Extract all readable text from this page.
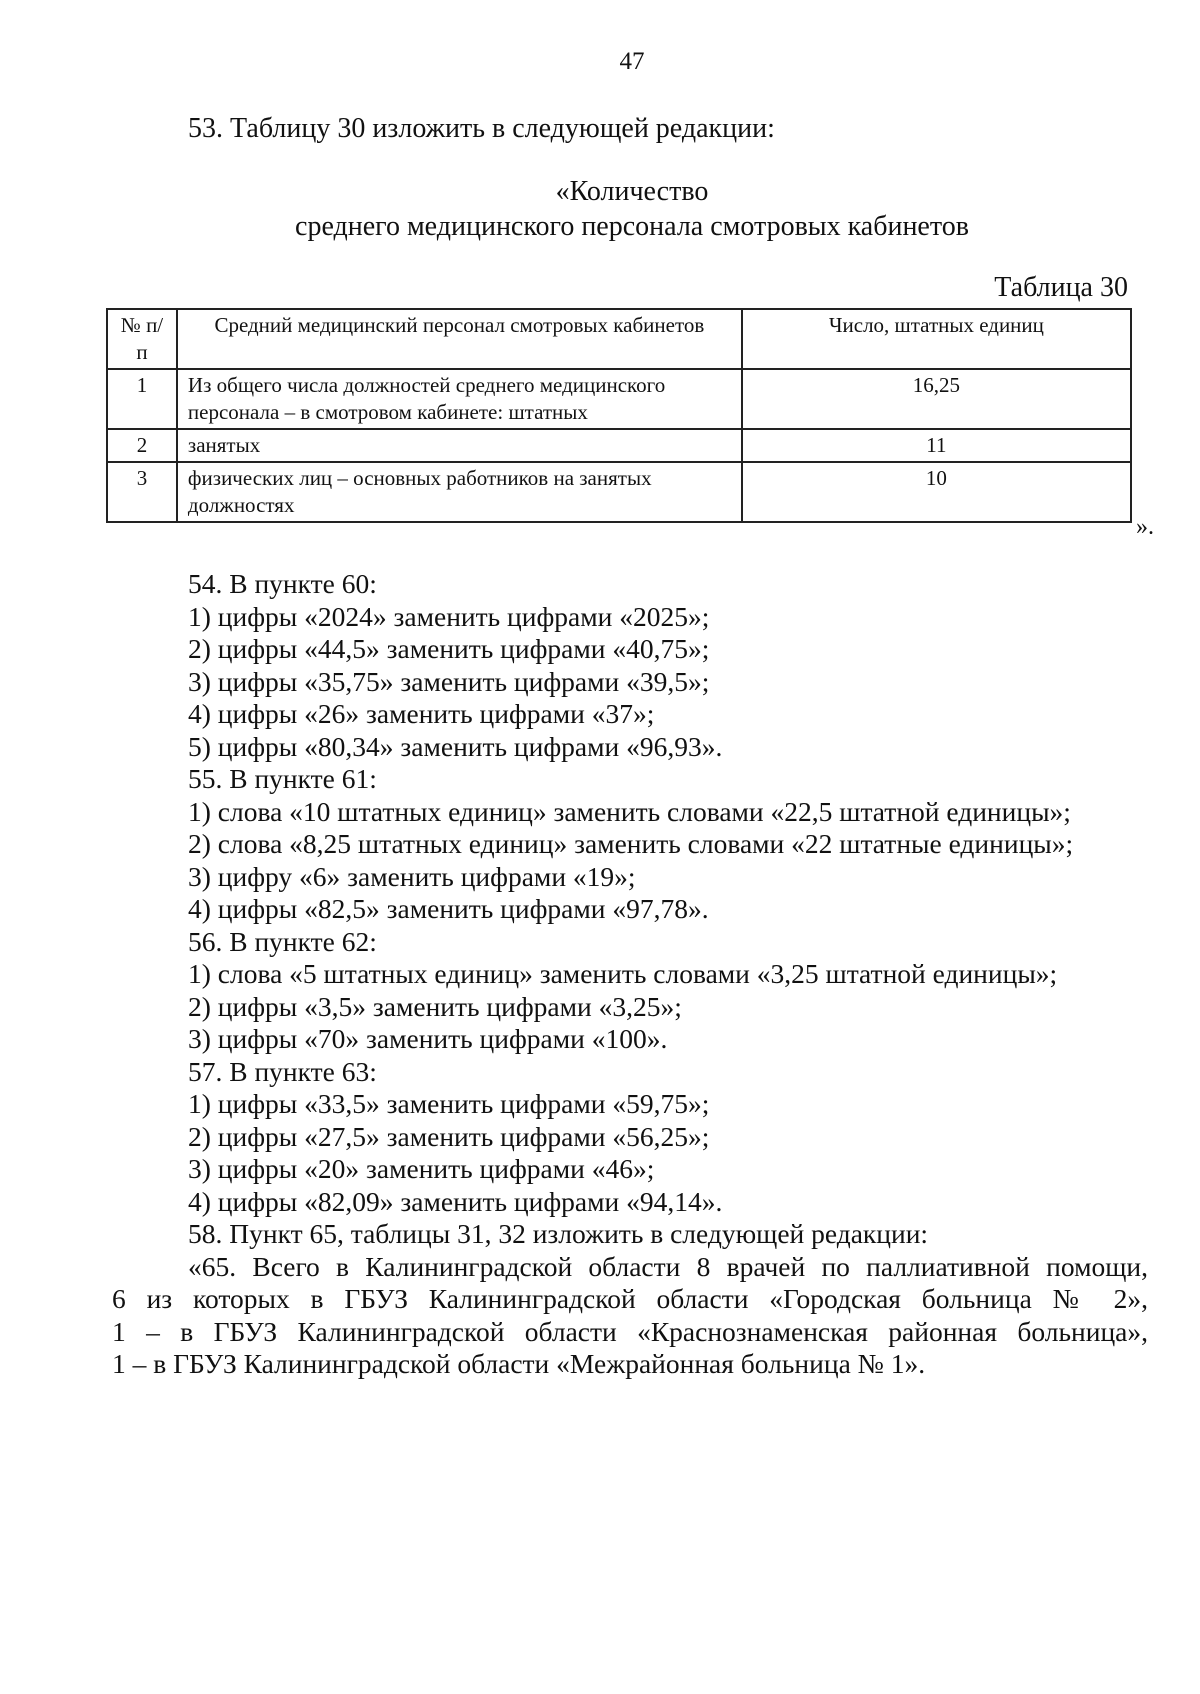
47
53. Таблицу 30 изложить в следующей редакции:
«Количество
среднего медицинского персонала смотровых кабинетов
Таблица 30
№ п/п	Средний медицинский персонал смотровых кабинетов	Число, штатных единиц
1	Из общего числа должностей среднего медицинского персонала – в смотровом кабинете: штатных	16,25
2	занятых	11
3	физических лиц – основных работников на занятых должностях	10
».
54. В пункте 60:
1) цифры «2024» заменить цифрами «2025»;
2) цифры «44,5» заменить цифрами «40,75»;
3) цифры «35,75» заменить цифрами «39,5»;
4) цифры «26» заменить цифрами «37»;
5) цифры «80,34» заменить цифрами «96,93».
55. В пункте 61:
1) слова «10 штатных единиц» заменить словами «22,5 штатной единицы»;
2) слова «8,25 штатных единиц» заменить словами «22 штатные единицы»;
3) цифру «6» заменить цифрами «19»;
4) цифры «82,5» заменить цифрами «97,78».
56. В пункте 62:
1) слова «5 штатных единиц» заменить словами «3,25 штатной единицы»;
2) цифры «3,5» заменить цифрами «3,25»;
3) цифры «70» заменить цифрами «100».
57. В пункте 63:
1) цифры «33,5» заменить цифрами «59,75»;
2) цифры «27,5» заменить цифрами «56,25»;
3) цифры «20» заменить цифрами «46»;
4) цифры «82,09» заменить цифрами «94,14».
58. Пункт 65, таблицы 31, 32 изложить в следующей редакции:
«65. Всего в Калининградской области 8 врачей по паллиативной помощи,
6 из которых в ГБУЗ Калининградской области «Городская больница № 2»,
1 – в ГБУЗ Калининградской области «Краснознаменская районная больница»,
1 – в ГБУЗ Калининградской области «Межрайонная больница № 1».
